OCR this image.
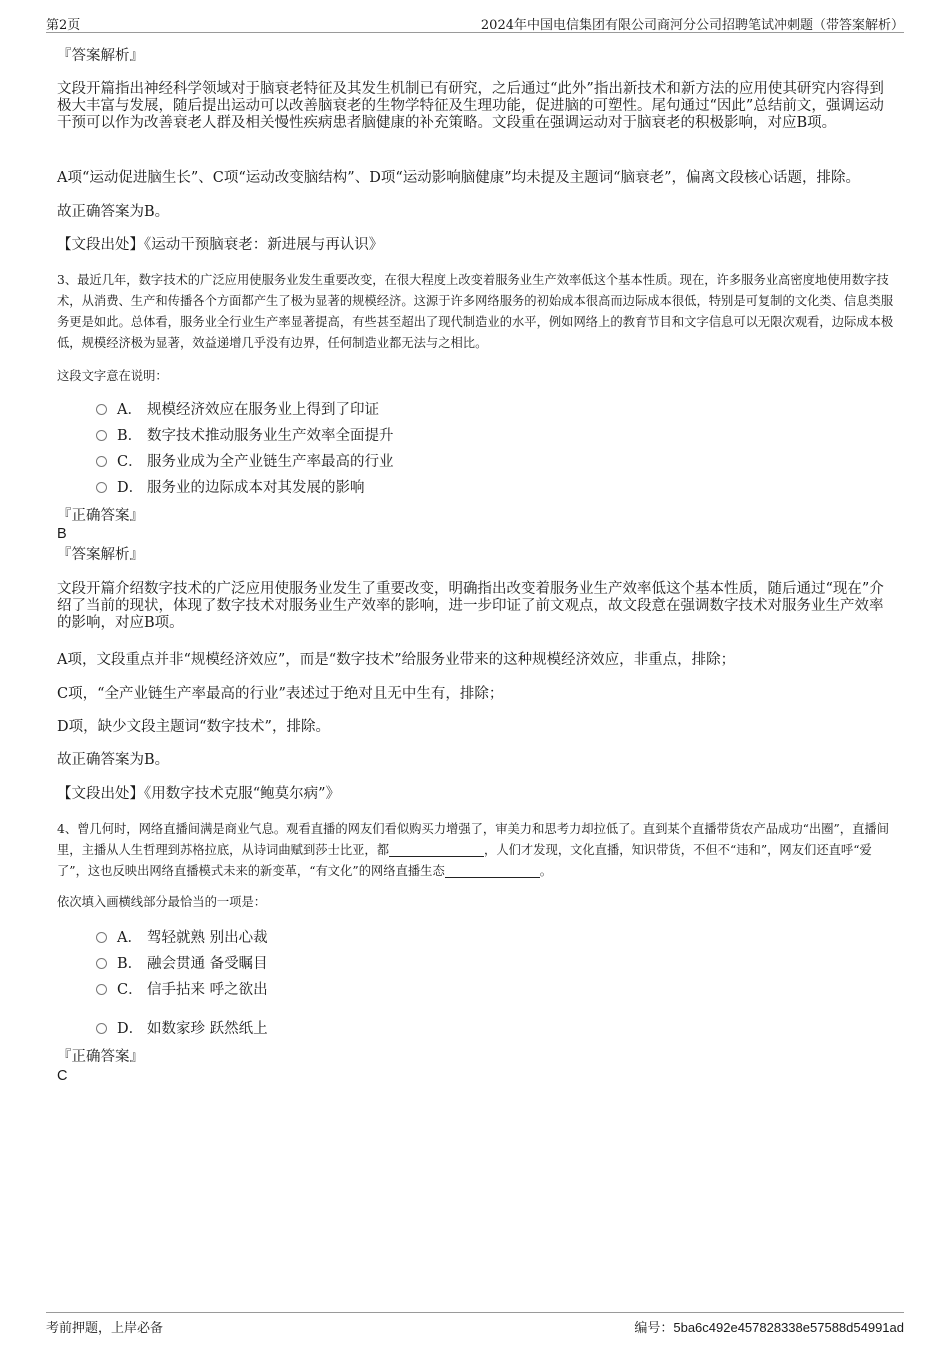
第2页	2024年中国电信集团有限公司商河分公司招聘笔试冲刺题（带答案解析）
『答案解析』
文段开篇指出神经科学领域对于脑衰老特征及其发生机制已有研究，之后通过“此外”指出新技术和新方法的应用使其研究内容得到极大丰富与发展，随后提出运动可以改善脑衰老的生物学特征及生理功能，促进脑的可塑性。尾句通过“因此”总结前文，强调运动干预可以作为改善衰老人群及相关慢性疾病患者脑健康的补充策略。文段重在强调运动对于脑衰老的积极影响，对应B项。
A项“运动促进脑生长”、C项“运动改变脑结构”、D项“运动影响脑健康”均未提及主题词“脑衰老”，偏离文段核心话题，排除。
故正确答案为B。
【文段出处】《运动干预脑衰老：新进展与再认识》
3、最近几年，数字技术的广泛应用使服务业发生重要改变，在很大程度上改变着服务业生产效率低这个基本性质。现在，许多服务业高密度地使用数字技术，从消费、生产和传播各个方面都产生了极为显著的规模经济。这源于许多网络服务的初始成本很高而边际成本很低，特别是可复制的文化类、信息类服务更是如此。总体看，服务业全行业生产率显著提高，有些甚至超出了现代制造业的水平，例如网络上的教育节目和文字信息可以无限次观看，边际成本极低，规模经济极为显著，效益递增几乎没有边界，任何制造业都无法与之相比。
这段文字意在说明：
A． 规模经济效应在服务业上得到了印证
B． 数字技术推动服务业生产效率全面提升
C． 服务业成为全产业链生产率最高的行业
D． 服务业的边际成本对其发展的影响
『正确答案』
B
『答案解析』
文段开篇介绍数字技术的广泛应用使服务业发生了重要改变，明确指出改变着服务业生产效率低这个基本性质，随后通过“现在”介绍了当前的现状，体现了数字技术对服务业生产效率的影响，进一步印证了前文观点，故文段意在强调数字技术对服务业生产效率的影响，对应B项。
A项，文段重点并非“规模经济效应”，而是“数字技术”给服务业带来的这种规模经济效应，非重点，排除；
C项，“全产业链生产率最高的行业”表述过于绝对且无中生有，排除；
D项，缺少文段主题词“数字技术”，排除。
故正确答案为B。
【文段出处】《用数字技术克服“鲍莫尔病”》
4、曾几何时，网络直播间满是商业气息。观看直播的网友们看似购买力增强了，审美力和思考力却拉低了。直到某个直播带货农产品成功“出圈”，直播间里，主播从人生哲理到苏格拉底，从诗词曲赋到莎士比亚，都	，人们才发现，文化直播，知识带货，不但不“违和”，网友们还直呼“爱了”，这也反映出网络直播模式未来的新变革，“有文化”的网络直播生态	。
依次填入画横线部分最恰当的一项是：
A． 驾轻就熟 别出心裁
B． 融会贯通 备受瞩目
C． 信手拈来 呼之欲出
D． 如数家珍 跃然纸上
『正确答案』
C
考前押题，上岸必备	编号：5ba6c492e457828338e57588d54991ad
